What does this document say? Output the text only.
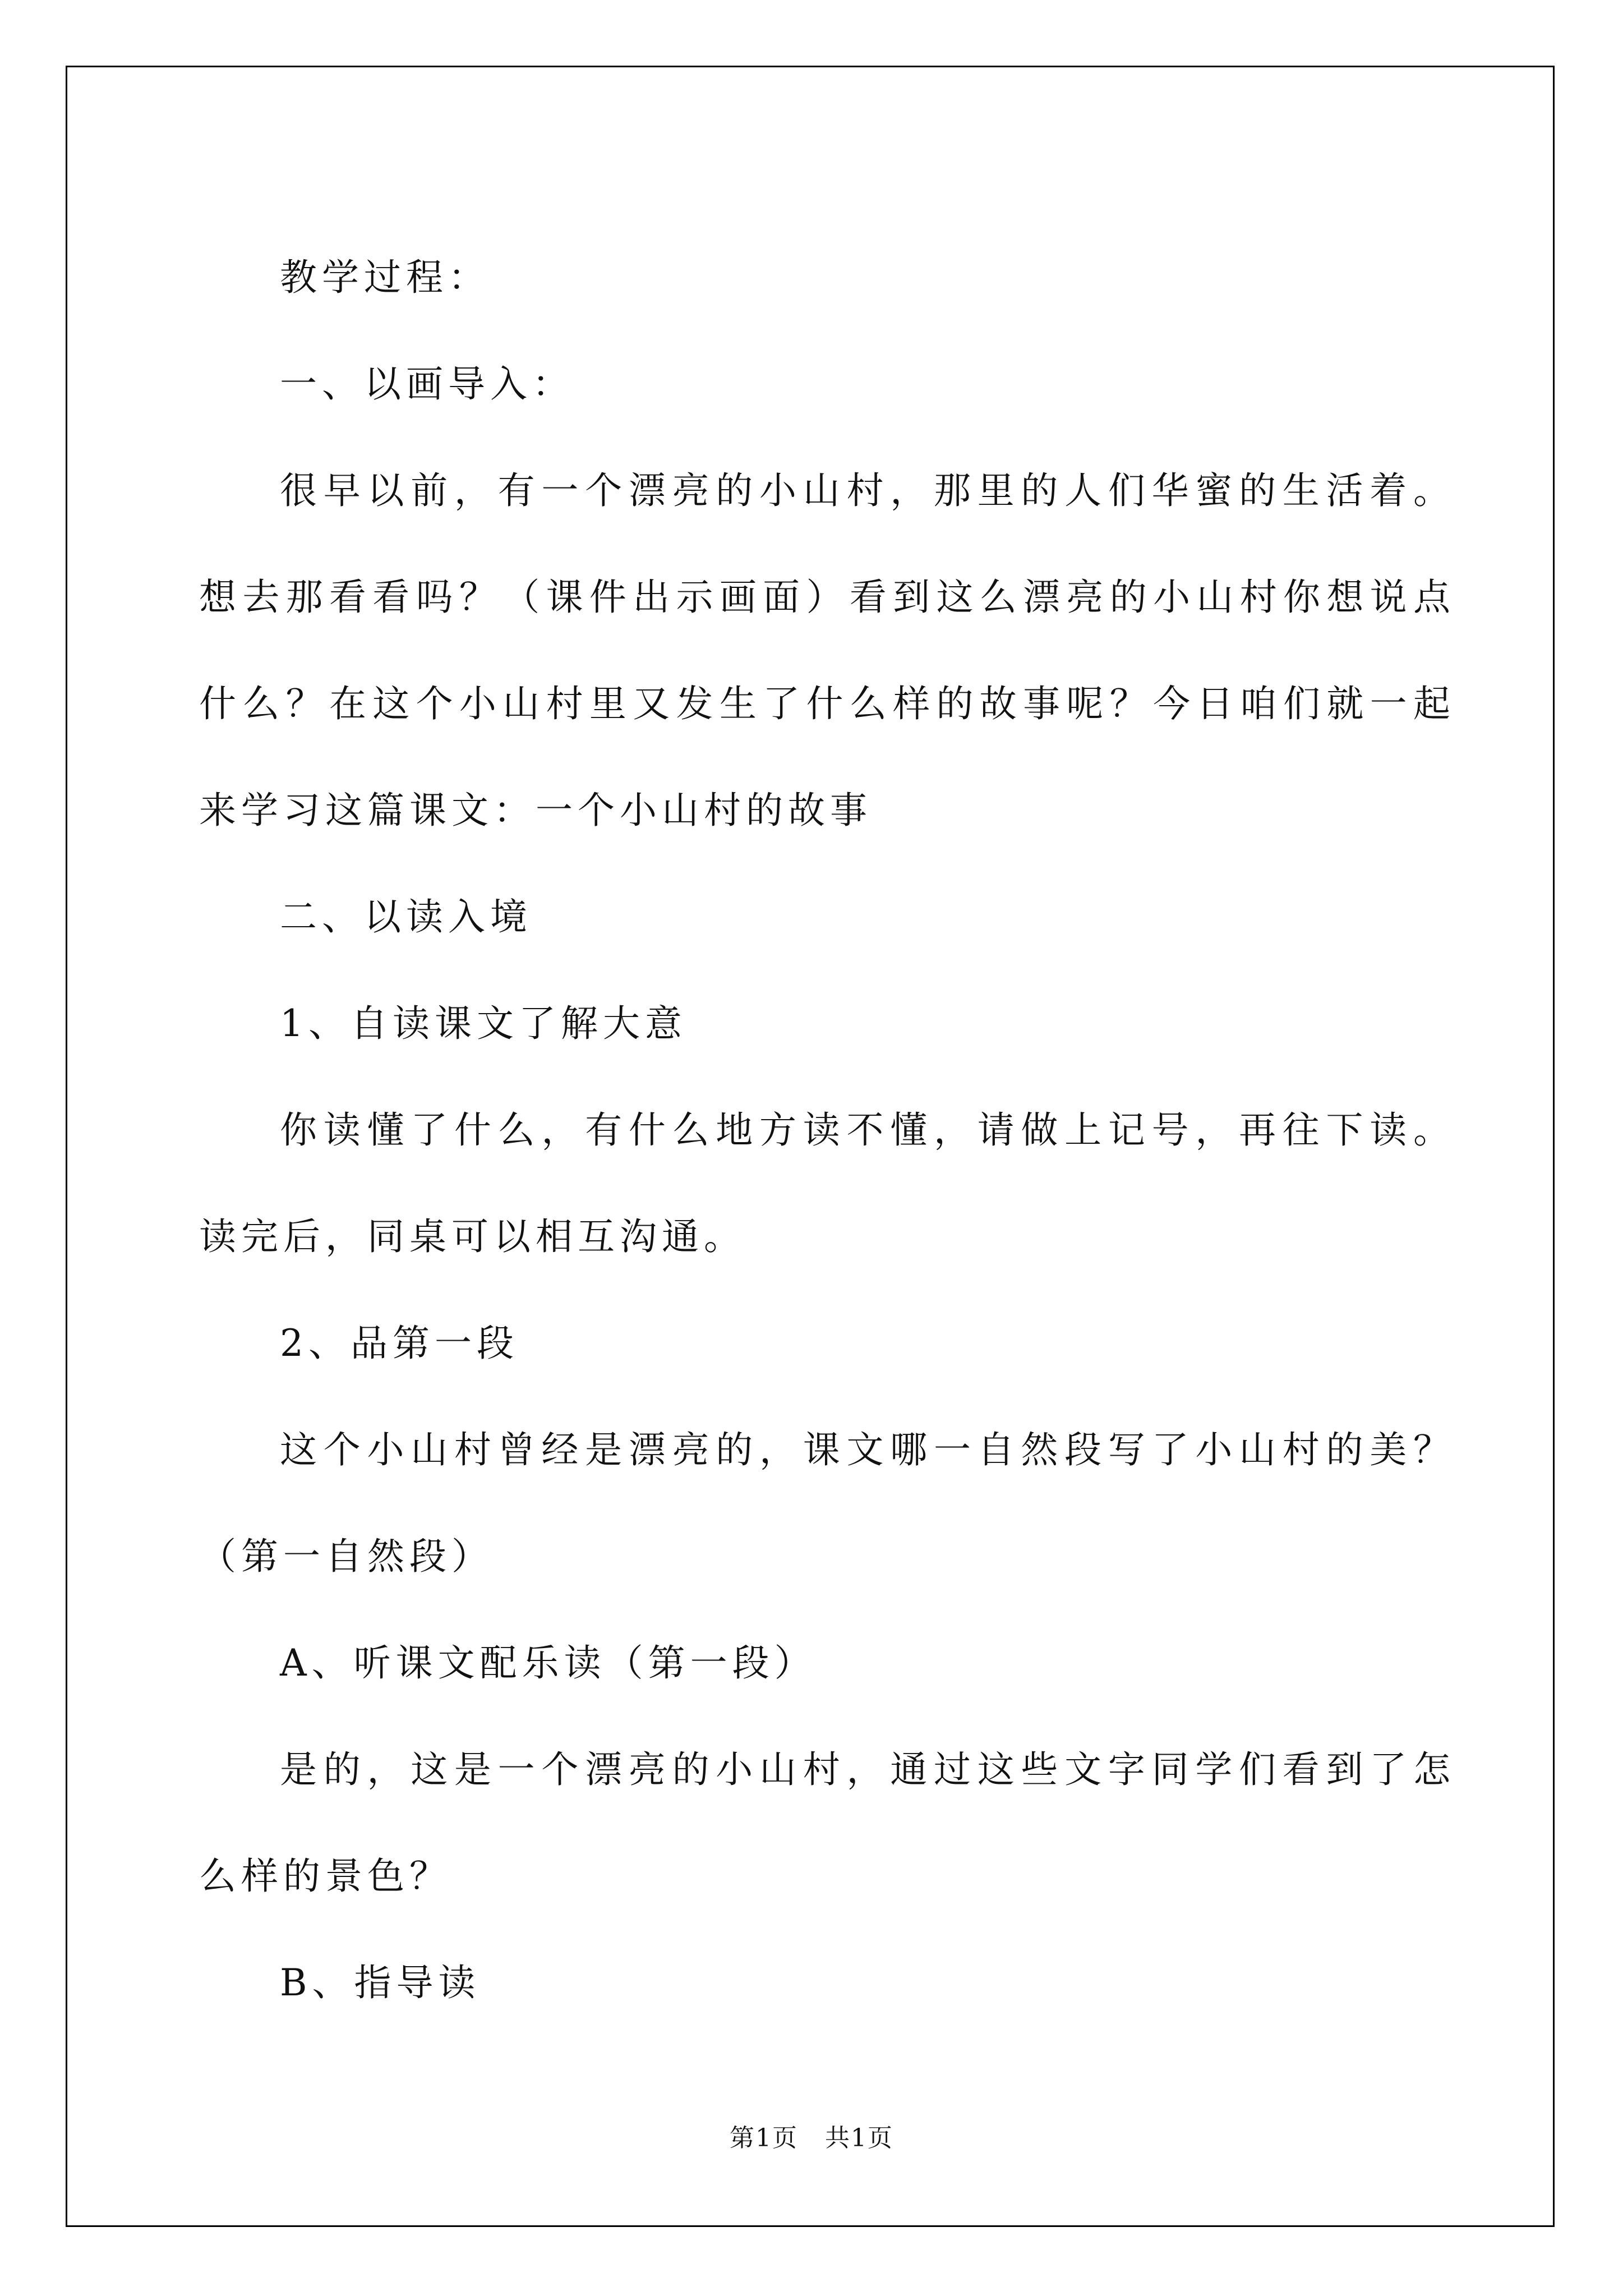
教学过程：

一、以画导入：

很早以前，有一个漂亮的小山村，那里的人们华蜜的生活着。想去那看看吗？（课件出示画面）看到这么漂亮的小山村你想说点什么？在这个小山村里又发生了什么样的故事呢？今日咱们就一起来学习这篇课文：一个小山村的故事

二、以读入境

1、自读课文了解大意

你读懂了什么，有什么地方读不懂，请做上记号，再往下读。读完后，同桌可以相互沟通。

2、品第一段

这个小山村曾经是漂亮的，课文哪一自然段写了小山村的美？（第一自然段）

A、听课文配乐读（第一段）

是的，这是一个漂亮的小山村，通过这些文字同学们看到了怎么样的景色？

B、指导读

第1页 共1页
